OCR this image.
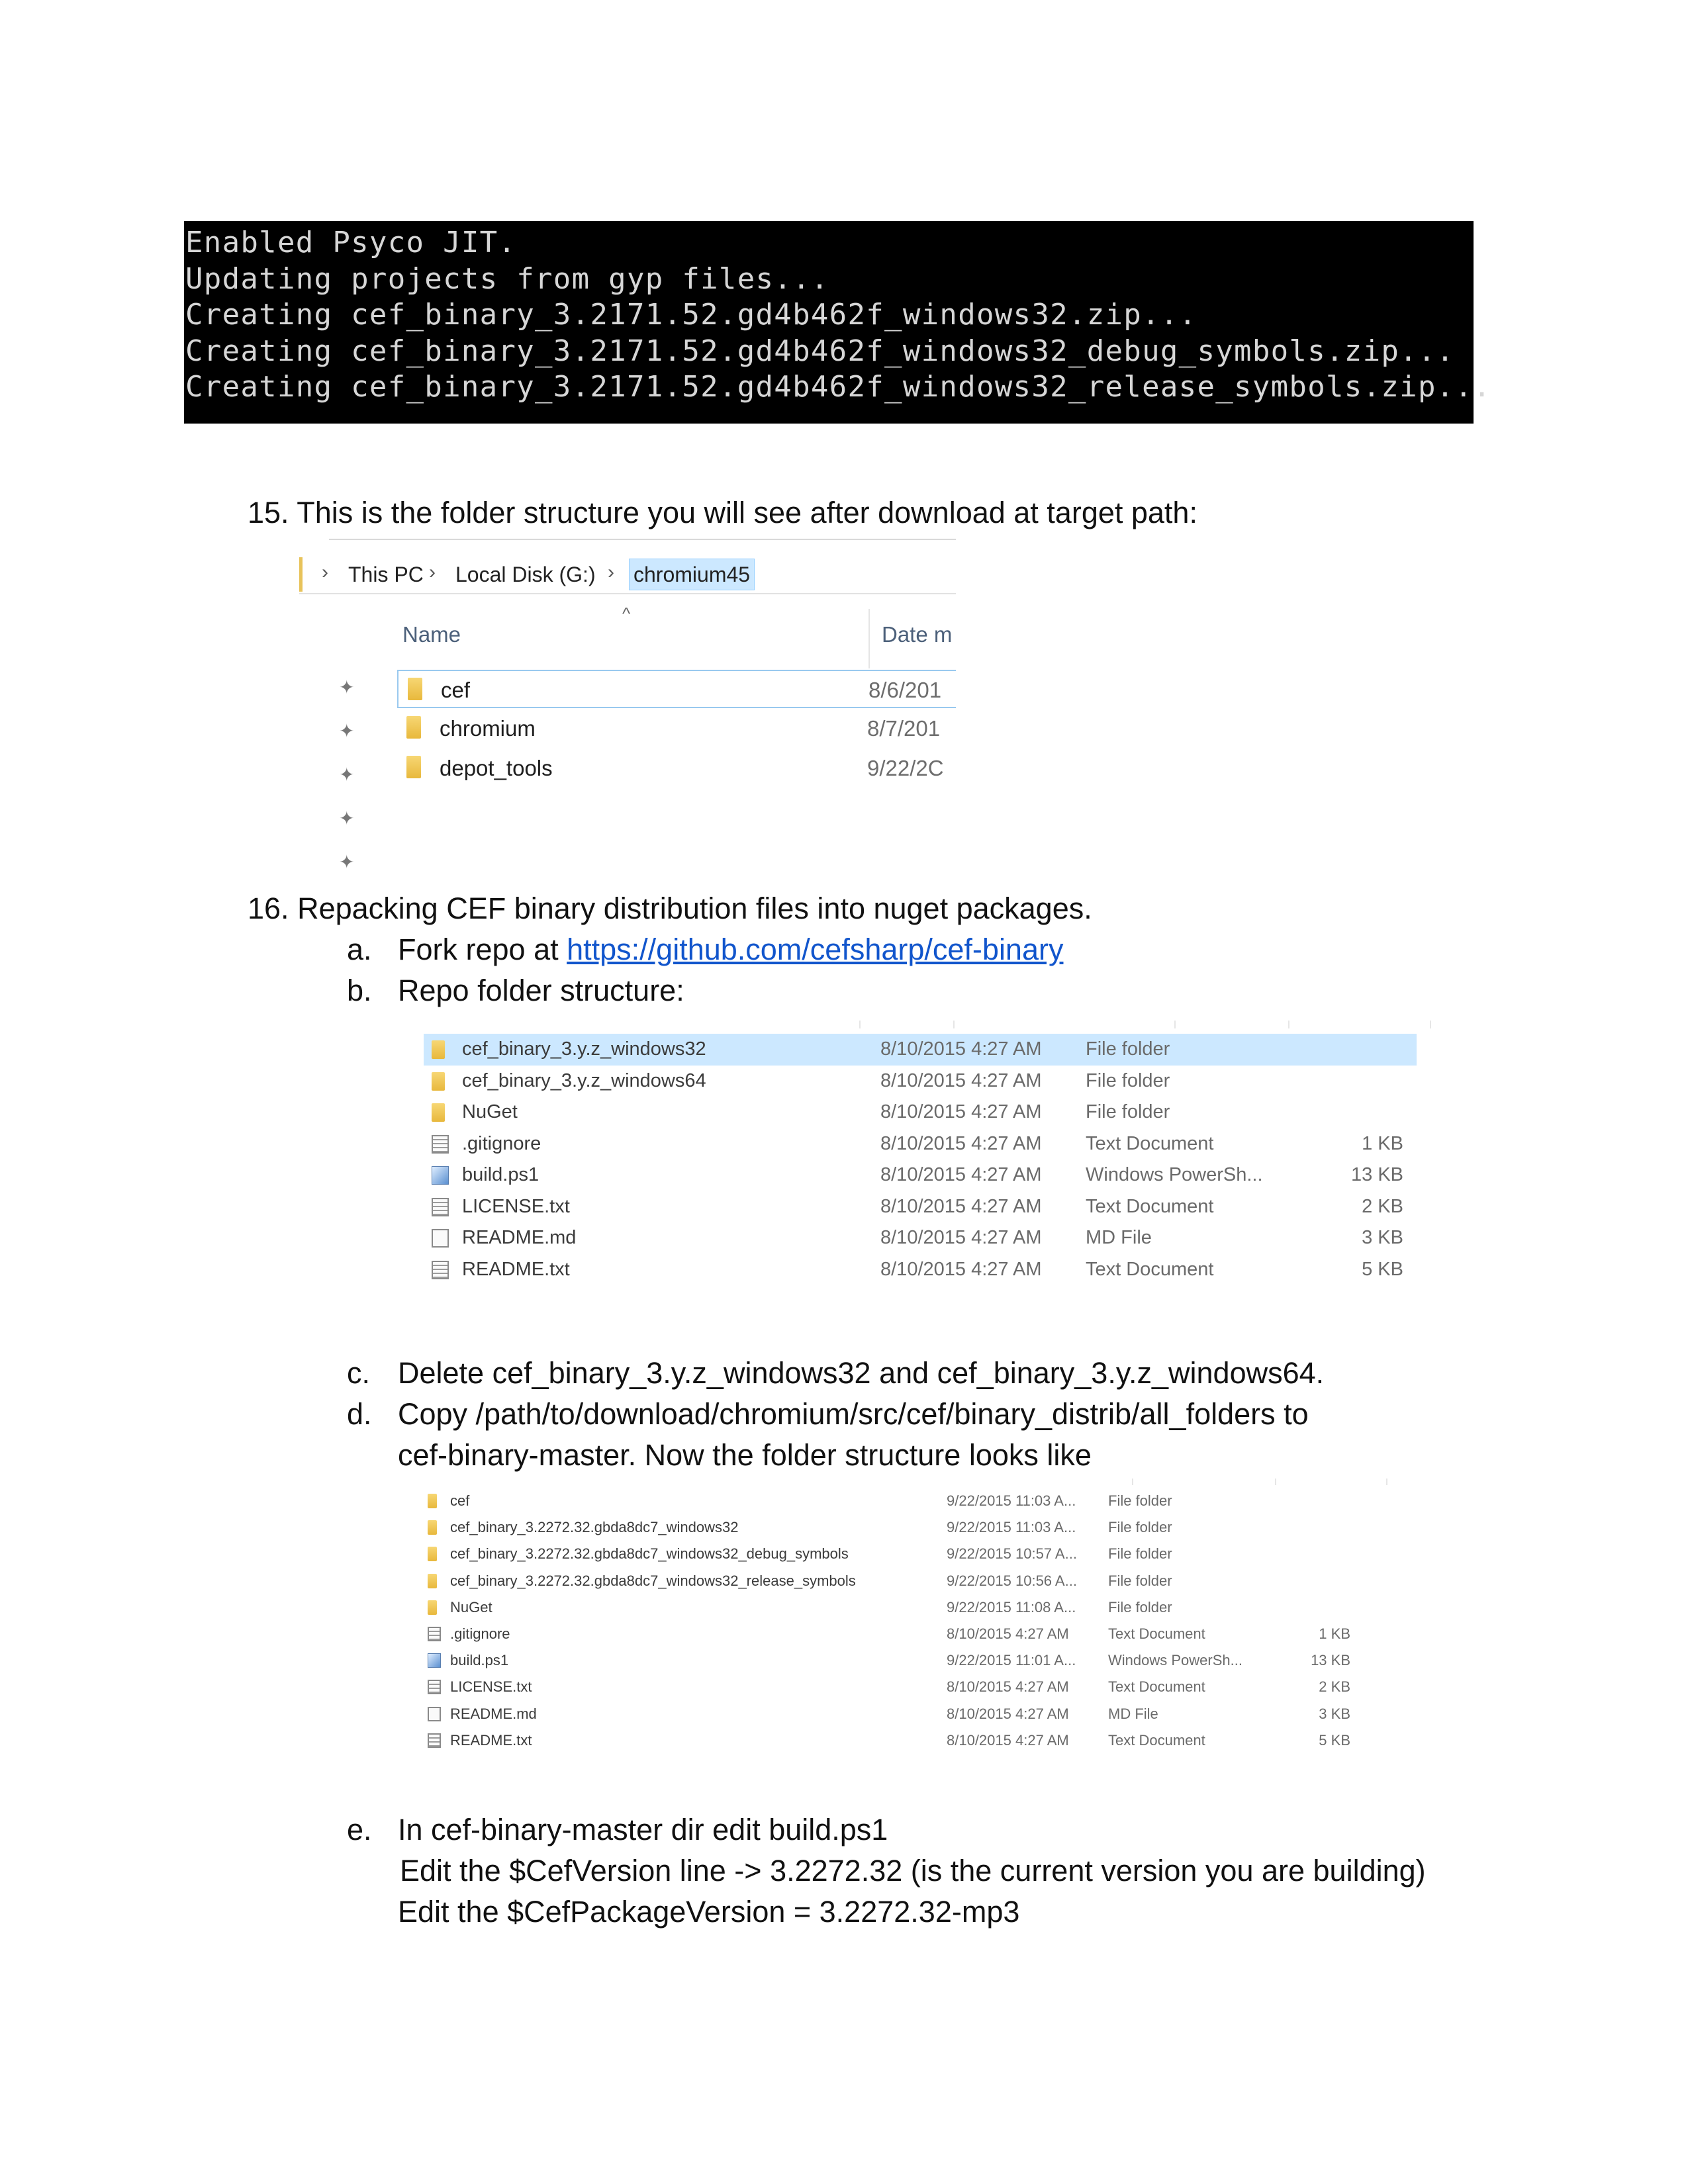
Enabled Psyco JIT.
Updating projects from gyp files...
Creating cef_binary_3.2171.52.gd4b462f_windows32.zip...
Creating cef_binary_3.2171.52.gd4b462f_windows32_debug_symbols.zip...
Creating cef_binary_3.2171.52.gd4b462f_windows32_release_symbols.zip...
15. This is the folder structure you will see after download at target path:
› This PC › Local Disk (G:) › chromium45
^
Name	Date m
✦
✦
✦
✦
✦
cef	8/6/201
chromium	8/7/201
depot_tools	9/22/2C
16. Repacking CEF binary distribution files into nuget packages.
a. Fork repo at https://github.com/cefsharp/cef-binary
b. Repo folder structure:
cef_binary_3.y.z_windows32	8/10/2015 4:27 AM File folder
cef_binary_3.y.z_windows64	8/10/2015 4:27 AM File folder
NuGet	8/10/2015 4:27 AM File folder
.gitignore	8/10/2015 4:27 AM Text Document	1 KB
build.ps1	8/10/2015 4:27 AM Windows PowerSh...	13 KB
LICENSE.txt	8/10/2015 4:27 AM Text Document	2 KB
README.md	8/10/2015 4:27 AM MD File	3 KB
README.txt	8/10/2015 4:27 AM Text Document	5 KB
c. Delete cef_binary_3.y.z_windows32 and cef_binary_3.y.z_windows64.
d. Copy /path/to/download/chromium/src/cef/binary_distrib/all_folders to
cef-binary-master. Now the folder structure looks like
cef	9/22/2015 11:03 A... File folder
cef_binary_3.2272.32.gbda8dc7_windows32	9/22/2015 11:03 A... File folder
cef_binary_3.2272.32.gbda8dc7_windows32_debug_symbols	9/22/2015 10:57 A... File folder
cef_binary_3.2272.32.gbda8dc7_windows32_release_symbols	9/22/2015 10:56 A... File folder
NuGet	9/22/2015 11:08 A... File folder
.gitignore	8/10/2015 4:27 AM	Text Document	1 KB
build.ps1	9/22/2015 11:01 A... Windows PowerSh...	13 KB
LICENSE.txt	8/10/2015 4:27 AM	Text Document	2 KB
README.md	8/10/2015 4:27 AM	MD File	3 KB
README.txt	8/10/2015 4:27 AM	Text Document	5 KB
e. In cef-binary-master dir edit build.ps1
Edit the $CefVersion line -> 3.2272.32 (is the current version you are building)
Edit the $CefPackageVersion = 3.2272.32-mp3
